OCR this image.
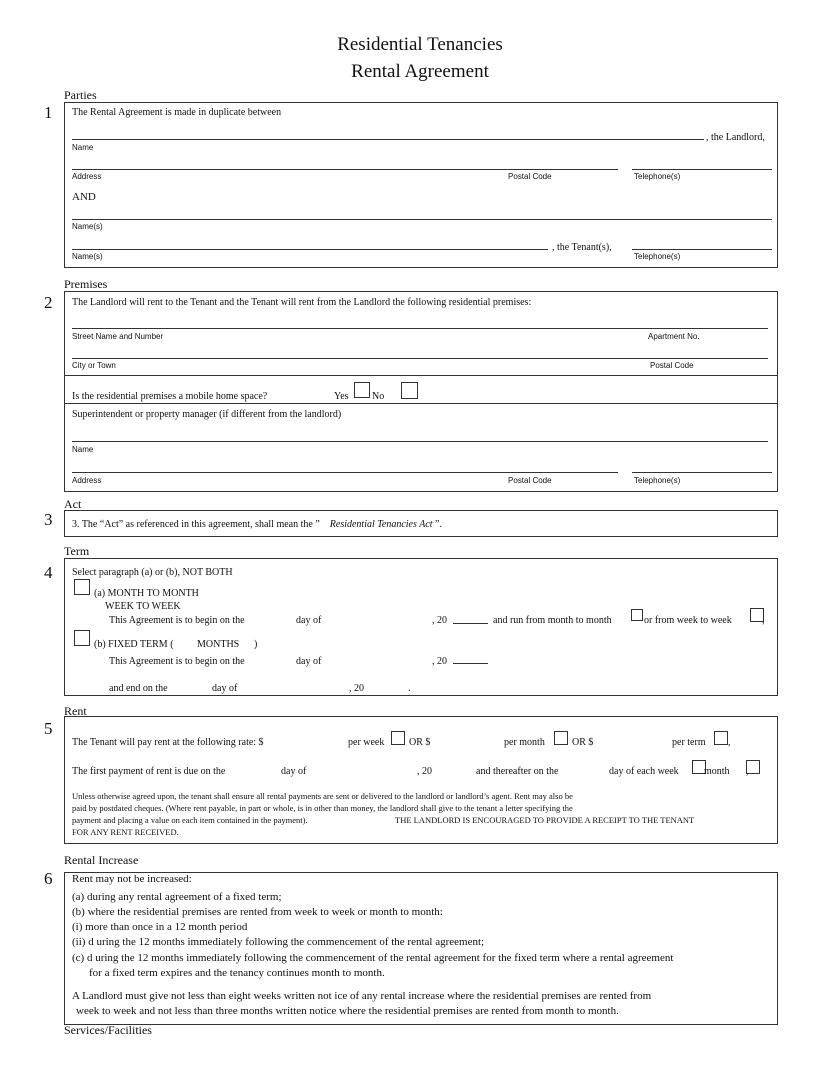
Residential Tenancies
Rental Agreement
Parties
1 The Rental Agreement is made in duplicate between
, the Landlord,
Name
Address	Postal Code	Telephone(s)
AND
Name(s)
, the Tenant(s),
Name(s)	Telephone(s)
Premises
2 The Landlord will rent to the Tenant and the Tenant will rent from the Landlord the following residential premises:
Street Name and Number	Apartment No.
City or Town	Postal Code
Is the residential premises a mobile home space?	Yes No
Superintendent or property manager (if different from the landlord)
Name
Address	Postal Code	Telephone(s)
Act
3 3. The “Act” as referenced in this agreement, shall mean the ” Residential Tenancies Act ”.
Term
4 Select paragraph (a) or (b), NOT BOTH
(a) MONTH TO MONTH
WEEK TO WEEK
This Agreement is to begin on the	day of	, 20	and run from month to month	or from week to week	,
(b) FIXED TERM ( MONTHS )
This Agreement is to begin on the	day of	, 20
and end on the	day of	, 20	.
Rent
5
The Tenant will pay rent at the following rate: $	per week OR $	per month	OR $	per term ,
The first payment of rent is due on the	day of	, 20	and thereafter on the	day of each week	month
Unless otherwise agreed upon, the tenant shall ensure all rental payments are sent or delivered to the landlord or landlord’s agent. Rent may also be
paid by postdated cheques. (Where rent payable, in part or whole, is in other than money, the landlord shall give to the tenant a letter specifying the
payment and placing a value on each item contained in the payment).	THE LANDLORD IS ENCOURAGED TO PROVIDE A RECEIPT TO THE TENANT
FOR ANY RENT RECEIVED.
Rental Increase
6 Rent may not be increased:
(a) during any rental agreement of a fixed term;
(b) where the residential premises are rented from week to week or month to month:
(i) more than once in a 12 month period
(ii) d uring the 12 months immediately following the commencement of the rental agreement;
(c) d uring the 12 months immediately following the commencement of the rental agreement for the fixed term where a rental agreement
for a fixed term expires and the tenancy continues month to month.
A Landlord must give not less than eight weeks written not ice of any rental increase where the residential premises are rented from
week to week and not less than three months written notice where the residential premises are rented from month to month.
Services/Facilities
